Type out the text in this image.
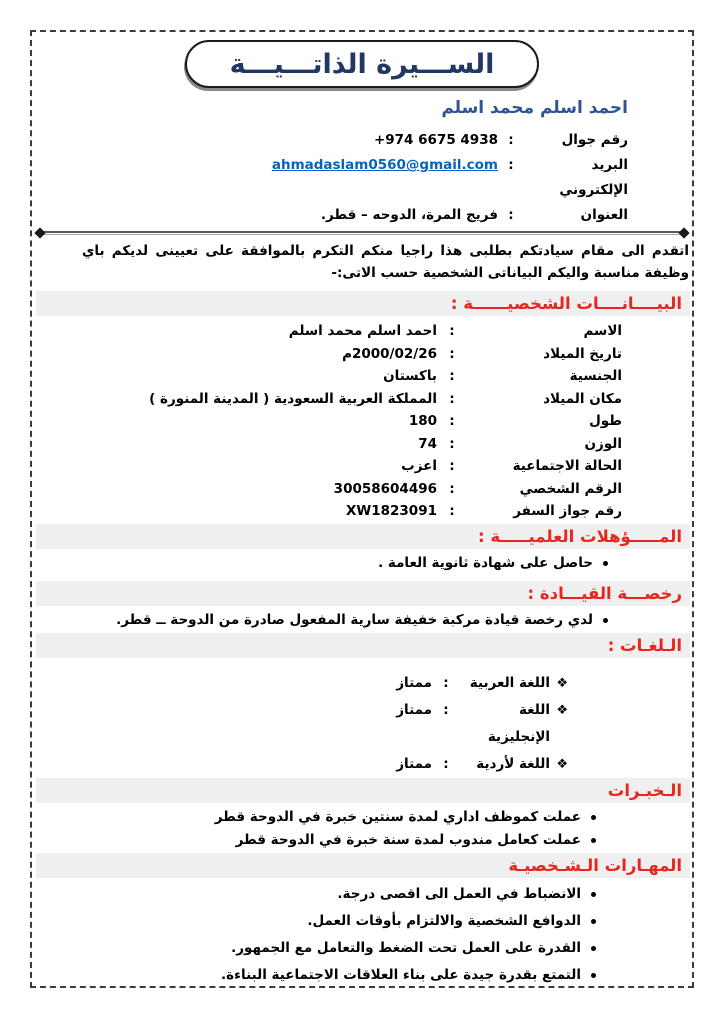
الســـيرة الذاتـــيـــة
احمد اسلم محمد اسلم
رقم جوال
:
+974 6675 4938
البريد الإلكتروني
:
ahmadaslam0560@gmail.com
العنوان
:
فريج المرة، الدوحه – قطر.

اتقدم الى مقام سيادتكم بطلبى هذا راجيا منكم التكرم بالموافقة على تعيينى لديكم باي وظيفة مناسبة واليكم البياناتى الشخصية حسب الاتى:-

البيــــانــــات الشخصيــــــة :
الاسم
:
احمد اسلم محمد اسلم
تاريخ الميلاد
:
2000/02/26م
الجنسية
:
باكستان
مكان الميلاد
:
المملكة العربية السعودية ( المدينة المنورة )
طول
:
180
الوزن
:
74
الحالة الاجتماعية
:
اعزب
الرقم الشخصي
:
30058604496
رقم جواز السفر
:
XW1823091
المـــــؤهلات العلميـــــة :
حاصل على شهادة ثانوية العامة .
رخصـــة القيـــادة :
لدي رخصة قيادة مركبة خفيفة سارية المفعول صادرة من الدوحة ــ قطر.
الـلغـات :
❖
اللغة العربية
:
ممتاز
❖
اللغة الإنجليزية
:
ممتاز
❖
اللغة لأردية
:
ممتاز
الـخبـرات
عملت كموظف اداري لمدة سنتين خبرة في الدوحة قطر
عملت كعامل مندوب لمدة سنة خبرة في الدوحة قطر
المهـارات الـشـخصيـة
الانضباط في العمل الى اقصى درجة.
الدوافع الشخصية والالتزام بأوقات العمل.
القدرة على العمل تحت الضغط والتعامل مع الجمهور.
التمتع بقدرة جيدة على بناء العلاقات الاجتماعية البناءة.
